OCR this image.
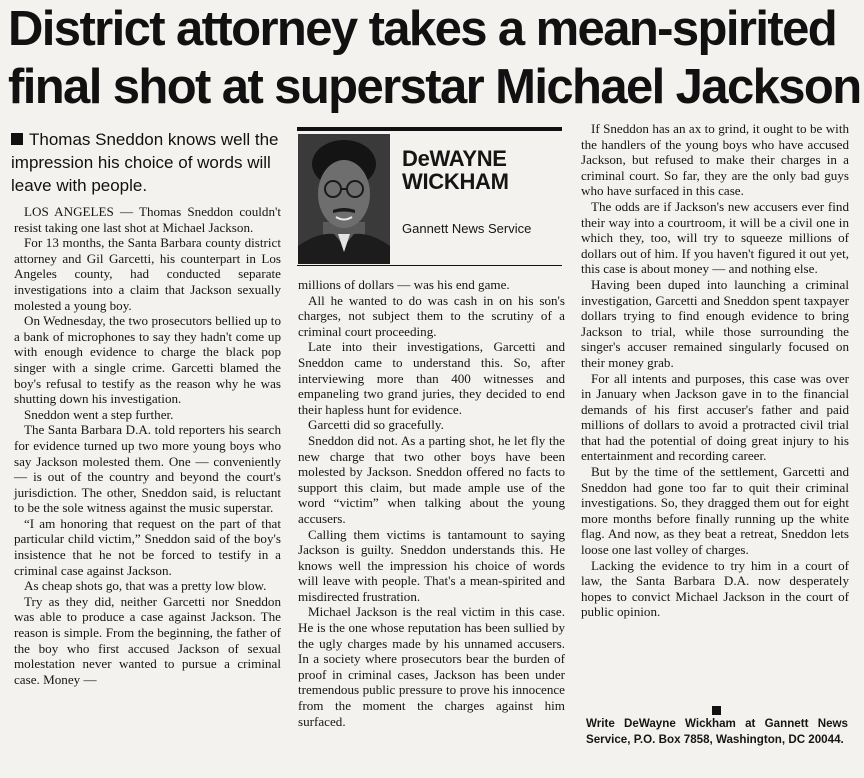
District attorney takes a mean-spirited
final shot at superstar Michael Jackson
Thomas Sneddon knows well the impression his choice of words will leave with people.
DeWAYNE
WICKHAM
Gannett News Service

LOS ANGELES — Thomas Sneddon couldn't resist taking one last shot at Michael Jackson.

For 13 months, the Santa Barbara county district attorney and Gil Garcetti, his counterpart in Los Angeles county, had conducted separate investigations into a claim that Jackson sexually molested a young boy.

On Wednesday, the two prosecutors bellied up to a bank of microphones to say they hadn't come up with enough evidence to charge the black pop singer with a single crime. Garcetti blamed the boy's refusal to testify as the reason why he was shutting down his investigation.

Sneddon went a step further.

The Santa Barbara D.A. told reporters his search for evidence turned up two more young boys who say Jackson molested them. One — conveniently — is out of the country and beyond the court's jurisdiction. The other, Sneddon said, is reluctant to be the sole witness against the music superstar.

“I am honoring that request on the part of that particular child victim,” Sneddon said of the boy's insistence that he not be forced to testify in a criminal case against Jackson.

As cheap shots go, that was a pretty low blow.

Try as they did, neither Garcetti nor Sneddon was able to produce a case against Jackson. The reason is simple. From the beginning, the father of the boy who first accused Jackson of sexual molestation never wanted to pursue a criminal case. Money —

millions of dollars — was his end game.

All he wanted to do was cash in on his son's charges, not subject them to the scrutiny of a criminal court proceeding.

Late into their investigations, Garcetti and Sneddon came to understand this. So, after interviewing more than 400 witnesses and empaneling two grand juries, they decided to end their hapless hunt for evidence.

Garcetti did so gracefully.

Sneddon did not. As a parting shot, he let fly the new charge that two other boys have been molested by Jackson. Sneddon offered no facts to support this claim, but made ample use of the word “victim” when talking about the young accusers.

Calling them victims is tantamount to saying Jackson is guilty. Sneddon understands this. He knows well the impression his choice of words will leave with people. That's a mean-spirited and misdirected frustration.

Michael Jackson is the real victim in this case. He is the one whose reputation has been sullied by the ugly charges made by his unnamed accusers. In a society where prosecutors bear the burden of proof in criminal cases, Jackson has been under tremendous public pressure to prove his innocence from the moment the charges against him surfaced.

If Sneddon has an ax to grind, it ought to be with the handlers of the young boys who have accused Jackson, but refused to make their charges in a criminal court. So far, they are the only bad guys who have surfaced in this case.

The odds are if Jackson's new accusers ever find their way into a courtroom, it will be a civil one in which they, too, will try to squeeze millions of dollars out of him. If you haven't figured it out yet, this case is about money — and nothing else.

Having been duped into launching a criminal investigation, Garcetti and Sneddon spent taxpayer dollars trying to find enough evidence to bring Jackson to trial, while those surrounding the singer's accuser remained singularly focused on their money grab.

For all intents and purposes, this case was over in January when Jackson gave in to the financial demands of his first accuser's father and paid millions of dollars to avoid a protracted civil trial that had the potential of doing great injury to his entertainment and recording career.

But by the time of the settlement, Garcetti and Sneddon had gone too far to quit their criminal investigations. So, they dragged them out for eight more months before finally running up the white flag. And now, as they beat a retreat, Sneddon lets loose one last volley of charges.

Lacking the evidence to try him in a court of law, the Santa Barbara D.A. now desperately hopes to convict Michael Jackson in the court of public opinion.

Write DeWayne Wickham at Gannett News Service, P.O. Box 7858, Washington, DC 20044.
